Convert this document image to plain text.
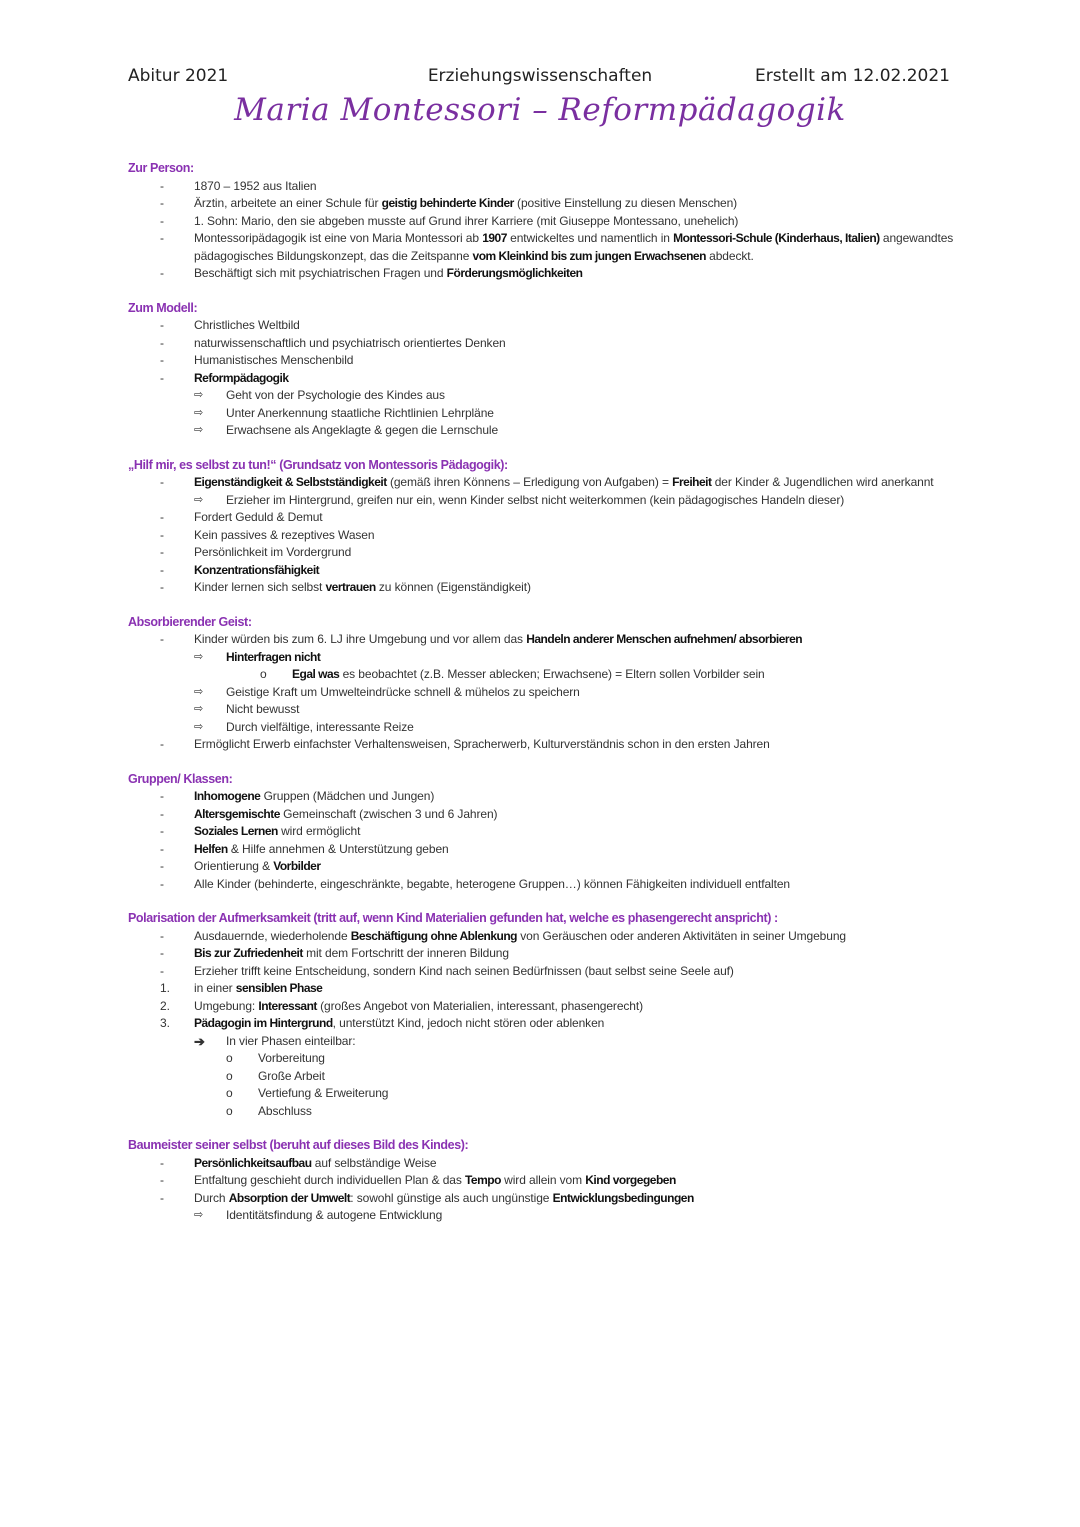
Abitur 2021	Erziehungswissenschaften	Erstellt am 12.02.2021
Maria Montessori – Reformpädagogik
Zur Person:
-	1870 – 1952 aus Italien
-	Ärztin, arbeitete an einer Schule für geistig behinderte Kinder (positive Einstellung zu diesen Menschen)
-	1. Sohn: Mario, den sie abgeben musste auf Grund ihrer Karriere (mit Giuseppe Montessano, unehelich)
-	Montessoripädagogik ist eine von Maria Montessori ab 1907 entwickeltes und namentlich in Montessori-Schule (Kinderhaus, Italien) angewandtes pädagogisches Bildungskonzept, das die Zeitspanne vom Kleinkind bis zum jungen Erwachsenen abdeckt.
-	Beschäftigt sich mit psychiatrischen Fragen und Förderungsmöglichkeiten
Zum Modell:
-	Christliches Weltbild
-	naturwissenschaftlich und psychiatrisch orientiertes Denken
-	Humanistisches Menschenbild
-	Reformpädagogik
⇨ Geht von der Psychologie des Kindes aus
⇨ Unter Anerkennung staatliche Richtlinien Lehrpläne
⇨ Erwachsene als Angeklagte & gegen die Lernschule
„Hilf mir, es selbst zu tun!“ (Grundsatz von Montessoris Pädagogik):
-	Eigenständigkeit & Selbstständigkeit (gemäß ihren Könnens – Erledigung von Aufgaben) = Freiheit der Kinder & Jugendlichen wird anerkannt
⇨ Erzieher im Hintergrund, greifen nur ein, wenn Kinder selbst nicht weiterkommen (kein pädagogisches Handeln dieser)
-	Fordert Geduld & Demut
-	Kein passives & rezeptives Wasen
-	Persönlichkeit im Vordergrund
-	Konzentrationsfähigkeit
-	Kinder lernen sich selbst vertrauen zu können (Eigenständigkeit)
Absorbierender Geist:
-	Kinder würden bis zum 6. LJ ihre Umgebung und vor allem das Handeln anderer Menschen aufnehmen/ absorbieren
⇨ Hinterfragen nicht
o Egal was es beobachtet (z.B. Messer ablecken; Erwachsene) = Eltern sollen Vorbilder sein
⇨ Geistige Kraft um Umwelteindrücke schnell & mühelos zu speichern
⇨ Nicht bewusst
⇨ Durch vielfältige, interessante Reize
-	Ermöglicht Erwerb einfachster Verhaltensweisen, Spracherwerb, Kulturverständnis schon in den ersten Jahren
Gruppen/ Klassen:
-	Inhomogene Gruppen (Mädchen und Jungen)
-	Altersgemischte Gemeinschaft (zwischen 3 und 6 Jahren)
-	Soziales Lernen wird ermöglicht
-	Helfen & Hilfe annehmen & Unterstützung geben
-	Orientierung & Vorbilder
-	Alle Kinder (behinderte, eingeschränkte, begabte, heterogene Gruppen…) können Fähigkeiten individuell entfalten
Polarisation der Aufmerksamkeit (tritt auf, wenn Kind Materialien gefunden hat, welche es phasengerecht anspricht) :
-	Ausdauernde, wiederholende Beschäftigung ohne Ablenkung von Geräuschen oder anderen Aktivitäten in seiner Umgebung
-	Bis zur Zufriedenheit mit dem Fortschritt der inneren Bildung
-	Erzieher trifft keine Entscheidung, sondern Kind nach seinen Bedürfnissen (baut selbst seine Seele auf)
1. in einer sensiblen Phase
2. Umgebung: Interessant (großes Angebot von Materialien, interessant, phasengerecht)
3. Pädagogin im Hintergrund, unterstützt Kind, jedoch nicht stören oder ablenken
➔ In vier Phasen einteilbar:
o Vorbereitung
o Große Arbeit
o Vertiefung & Erweiterung
o Abschluss
Baumeister seiner selbst (beruht auf dieses Bild des Kindes):
-	Persönlichkeitsaufbau auf selbständige Weise
-	Entfaltung geschieht durch individuellen Plan & das Tempo wird allein vom Kind vorgegeben
-	Durch Absorption der Umwelt: sowohl günstige als auch ungünstige Entwicklungsbedingungen
⇨ Identitätsfindung & autogene Entwicklung
